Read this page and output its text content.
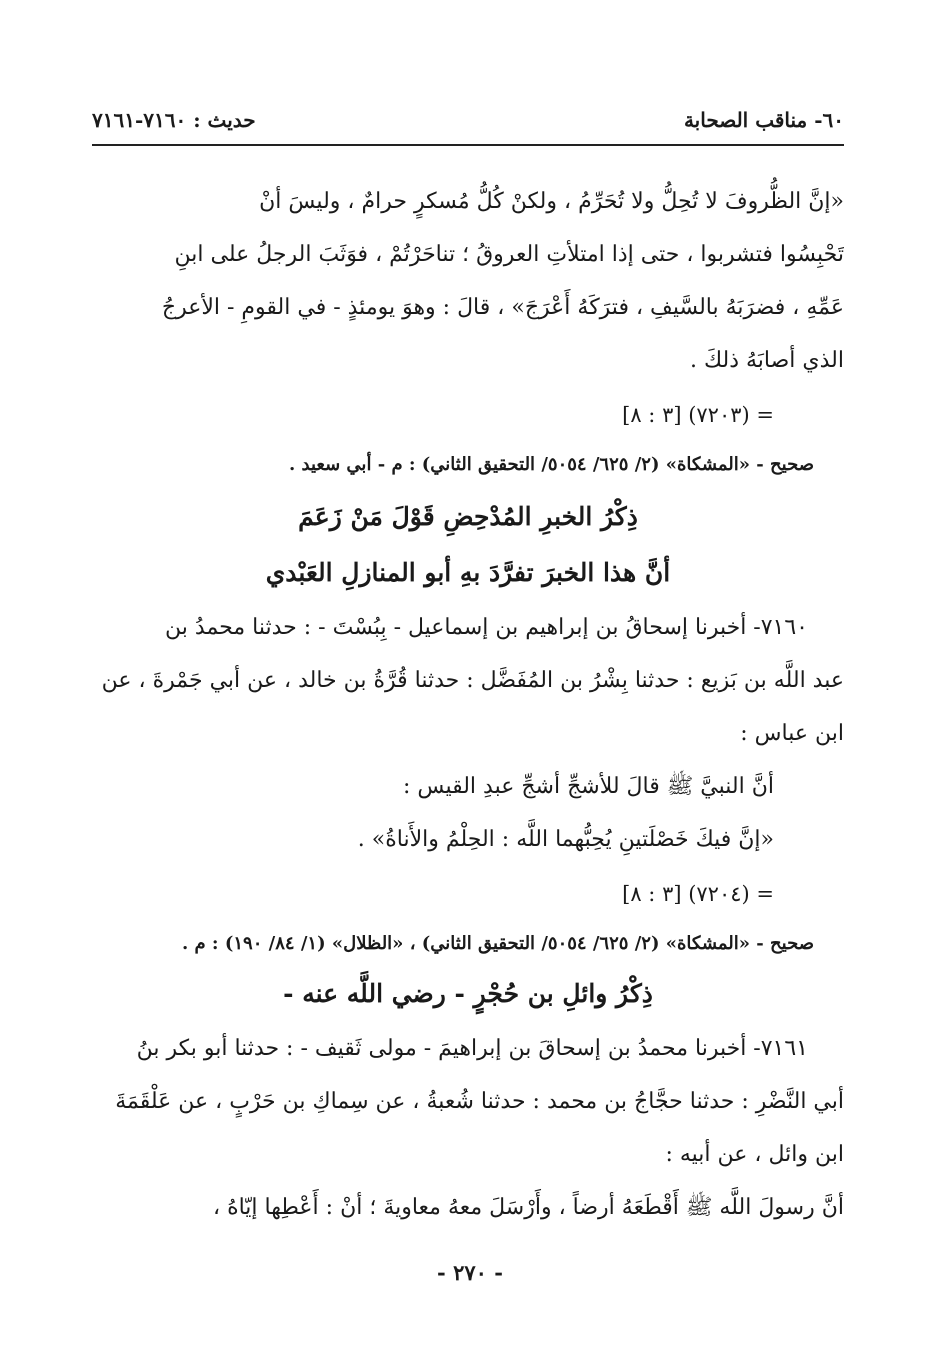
٦٠- مناقب الصحابة
حديث : ٧١٦٠-٧١٦١
«إنَّ الظُّروفَ لا تُحِلُّ ولا تُحَرِّمُ ، ولكنْ كُلُّ مُسكرٍ حرامٌ ، وليسَ أنْ
تَحْبِسُوا فتشربوا ، حتى إذا امتلأتِ العروقُ ؛ تناحَرْتُمْ ، فوَثَبَ الرجلُ على ابنِ
عَمِّهِ ، فضرَبَهُ بالسَّيفِ ، فترَكَهُ أَعْرَجَ» ، قالَ : وهوَ يومئذٍ - في القومِ - الأعرجُ
الذي أصابَهُ ذلكَ .
= (٧٢٠٣) [٣ : ٨]
صحيح - «المشكاة» (٢/ ٦٢٥/ ٥٠٥٤/ التحقيق الثاني) : م - أبي سعيد .
ذِكْرُ الخبرِ المُدْحِضِ قَوْلَ مَنْ زَعَمَ
أنَّ هذا الخبرَ تفرَّدَ بهِ أبو المنازلِ العَبْدي
٧١٦٠- أخبرنا إسحاقُ بن إبراهيم بن إسماعيل - بِبُسْتَ - : حدثنا محمدُ بن
عبد اللَّه بن بَزيع : حدثنا بِشْرُ بن المُفَضَّل : حدثنا قُرَّةُ بن خالد ، عن أبي جَمْرةَ ، عن
ابن عباس :
أنَّ النبيَّ ﷺ قالَ للأشجِّ أشجِّ عبدِ القيس :
«إنَّ فيكَ خَصْلَتينِ يُحِبُّهما اللَّه : الحِلْمُ والأَناةُ» .
= (٧٢٠٤) [٣ : ٨]
صحيح - «المشكاة» (٢/ ٦٢٥/ ٥٠٥٤/ التحقيق الثاني) ، «الظلال» (١/ ٨٤/ ١٩٠) : م .
ذِكْرُ وائلِ بن حُجْرٍ - رضي اللَّه عنه -
٧١٦١- أخبرنا محمدُ بن إسحاقَ بن إبراهيمَ - مولى ثَقيف - : حدثنا أبو بكر بنُ
أبي النَّضْرِ : حدثنا حجَّاجُ بن محمد : حدثنا شُعبةُ ، عن سِماكِ بن حَرْبٍ ، عن عَلْقَمَةَ
ابن وائل ، عن أبيه :
أنَّ رسولَ اللَّه ﷺ أَقْطَعَهُ أرضاً ، وأَرْسَلَ معهُ معاويةَ ؛ أنْ : أَعْطِها إيّاهُ ،
- ٢٧٠ -
